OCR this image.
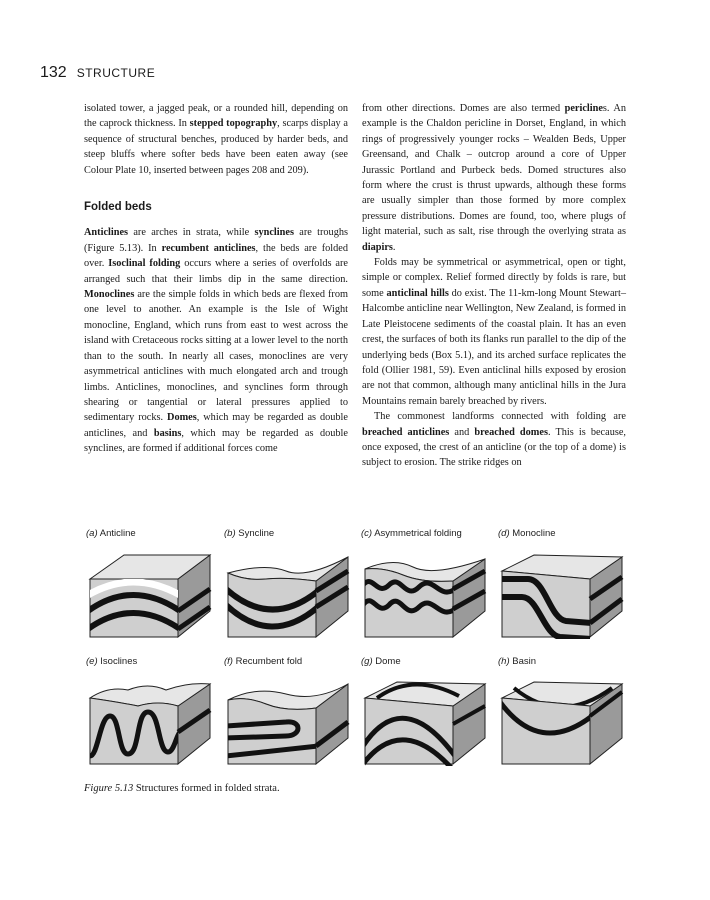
132 STRUCTURE

isolated tower, a jagged peak, or a rounded hill, depending on the caprock thickness. In stepped topography, scarps display a sequence of structural benches, produced by harder beds, and steep bluffs where softer beds have been eaten away (see Colour Plate 10, inserted between pages 208 and 209).

Folded beds

Anticlines are arches in strata, while synclines are troughs (Figure 5.13). In recumbent anticlines, the beds are folded over. Isoclinal folding occurs where a series of overfolds are arranged such that their limbs dip in the same direction. Monoclines are the simple folds in which beds are flexed from one level to another. An example is the Isle of Wight monocline, England, which runs from east to west across the island with Cretaceous rocks sitting at a lower level to the north than to the south. In nearly all cases, monoclines are very asymmetrical anticlines with much elongated arch and trough limbs. Anticlines, monoclines, and synclines form through shearing or tangential or lateral pressures applied to sedimentary rocks. Domes, which may be regarded as double anticlines, and basins, which may be regarded as double synclines, are formed if additional forces come

from other directions. Domes are also termed periclines. An example is the Chaldon pericline in Dorset, England, in which rings of progressively younger rocks – Wealden Beds, Upper Greensand, and Chalk – outcrop around a core of Upper Jurassic Portland and Purbeck beds. Domed structures also form where the crust is thrust upwards, although these forms are usually simpler than those formed by more complex pressure distributions. Domes are found, too, where plugs of light material, such as salt, rise through the overlying strata as diapirs.

Folds may be symmetrical or asymmetrical, open or tight, simple or complex. Relief formed directly by folds is rare, but some anticlinal hills do exist. The 11-km-long Mount Stewart–Halcombe anticline near Wellington, New Zealand, is formed in Late Pleistocene sediments of the coastal plain. It has an even crest, the surfaces of both its flanks run parallel to the dip of the underlying beds (Box 5.1), and its arched surface replicates the fold (Ollier 1981, 59). Even anticlinal hills exposed by erosion are not that common, although many anticlinal hills in the Jura Mountains remain barely breached by rivers.

The commonest landforms connected with folding are breached anticlines and breached domes. This is because, once exposed, the crest of an anticline (or the top of a dome) is subject to erosion. The strike ridges on

(a) Anticline	(b) Syncline	(c) Asymmetrical folding	(d) Monocline
(e) Isoclines	(f) Recumbent fold	(g) Dome	(h) Basin
Figure 5.13 Structures formed in folded strata.
